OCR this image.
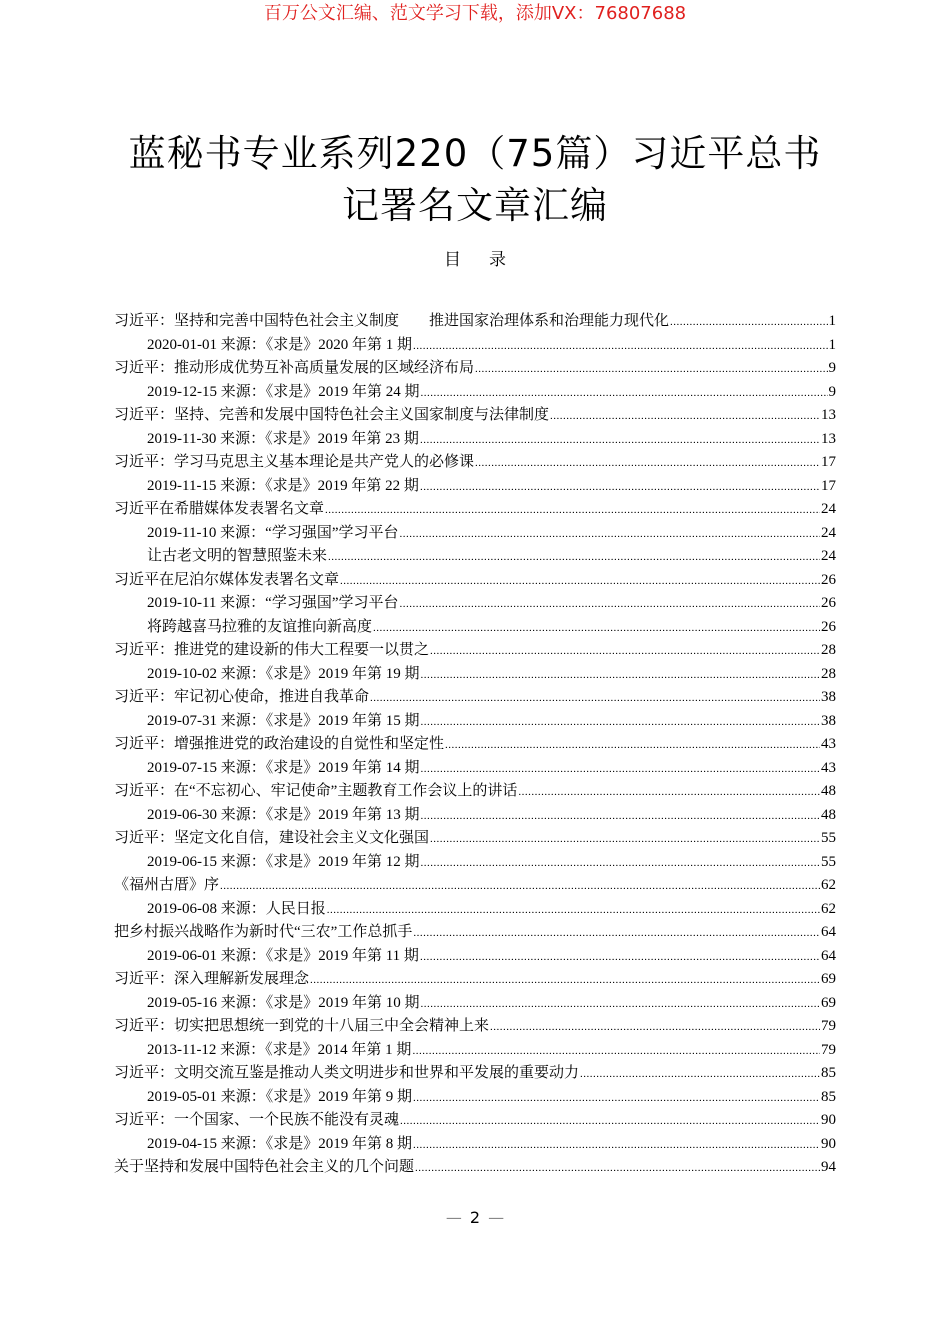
百万公文汇编、范文学习下载，添加VX：76807688
蓝秘书专业系列220（75篇）习近平总书
记署名文章汇编
目录
习近平：坚持和完善中国特色社会主义制度　　推进国家治理体系和治理能力现代化 .....	1
2020-01-01 来源：《求是》2020 年第 1 期 .....	1
习近平：推动形成优势互补高质量发展的区域经济布局 .....	9
2019-12-15 来源：《求是》2019 年第 24 期 .....	9
习近平：坚持、完善和发展中国特色社会主义国家制度与法律制度 .....	13
2019-11-30 来源：《求是》2019 年第 23 期 .....	13
习近平：学习马克思主义基本理论是共产党人的必修课 .....	17
2019-11-15 来源：《求是》2019 年第 22 期 .....	17
习近平在希腊媒体发表署名文章 .....	24
2019-11-10 来源：“学习强国”学习平台 .....	24
让古老文明的智慧照鉴未来 .....	24
习近平在尼泊尔媒体发表署名文章 .....	26
2019-10-11 来源：“学习强国”学习平台 .....	26
将跨越喜马拉雅的友谊推向新高度 .....	26
习近平：推进党的建设新的伟大工程要一以贯之 .....	28
2019-10-02 来源：《求是》2019 年第 19 期 .....	28
习近平：牢记初心使命，推进自我革命 .....	38
2019-07-31 来源：《求是》2019 年第 15 期 .....	38
习近平：增强推进党的政治建设的自觉性和坚定性 .....	43
2019-07-15 来源：《求是》2019 年第 14 期 .....	43
习近平：在“不忘初心、牢记使命”主题教育工作会议上的讲话 .....	48
2019-06-30 来源：《求是》2019 年第 13 期 .....	48
习近平：坚定文化自信，建设社会主义文化强国 .....	55
2019-06-15 来源：《求是》2019 年第 12 期 .....	55
《福州古厝》序 .....	62
2019-06-08 来源：人民日报 .....	62
把乡村振兴战略作为新时代“三农”工作总抓手 .....	64
2019-06-01 来源：《求是》2019 年第 11 期 .....	64
习近平：深入理解新发展理念 .....	69
2019-05-16 来源：《求是》2019 年第 10 期 .....	69
习近平：切实把思想统一到党的十八届三中全会精神上来 .....	79
2013-11-12 来源：《求是》2014 年第 1 期 .....	79
习近平：文明交流互鉴是推动人类文明进步和世界和平发展的重要动力 .....	85
2019-05-01 来源：《求是》2019 年第 9 期 .....	85
习近平：一个国家、一个民族不能没有灵魂 .....	90
2019-04-15 来源：《求是》2019 年第 8 期 .....	90
关于坚持和发展中国特色社会主义的几个问题 .....	94
— 2 —
